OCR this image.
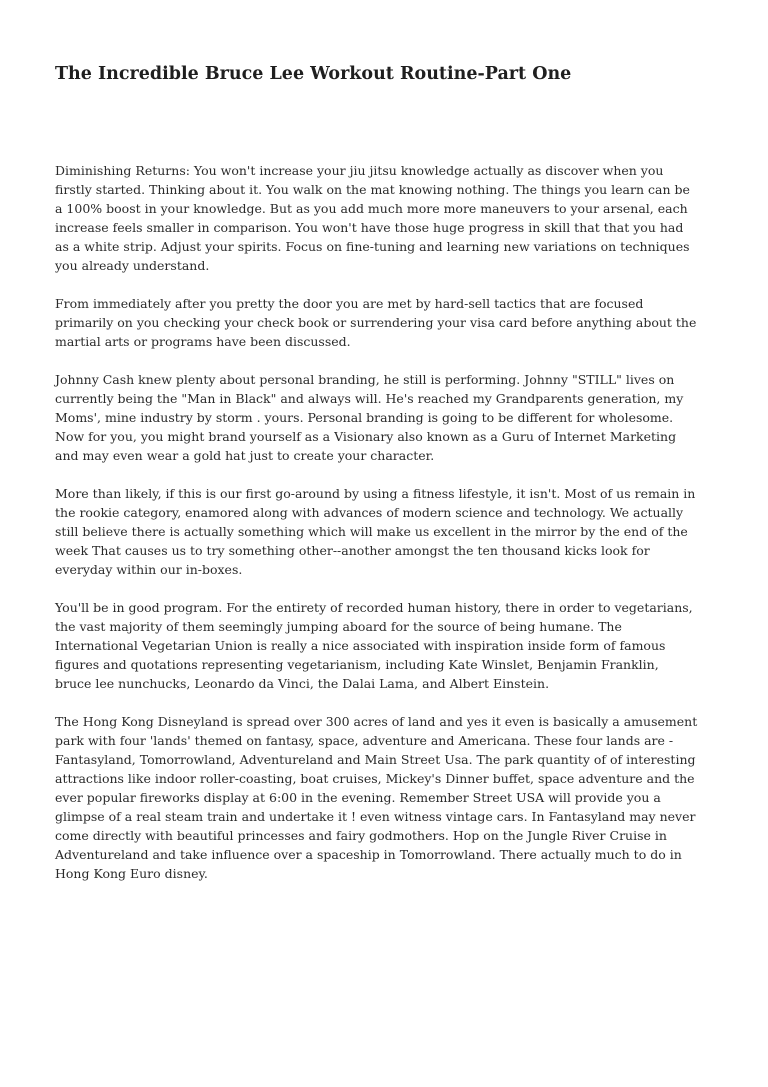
The Incredible Bruce Lee Workout Routine-Part One

Diminishing Returns: You won't increase your jiu jitsu knowledge actually as discover when you
firstly started. Thinking about it. You walk on the mat knowing nothing. The things you learn can be
a 100% boost in your knowledge. But as you add much more more maneuvers to your arsenal, each
increase feels smaller in comparison. You won't have those huge progress in skill that that you had
as a white strip. Adjust your spirits. Focus on fine-tuning and learning new variations on techniques
you already understand.

From immediately after you pretty the door you are met by hard-sell tactics that are focused
primarily on you checking your check book or surrendering your visa card before anything about the
martial arts or programs have been discussed.

Johnny Cash knew plenty about personal branding, he still is performing. Johnny "STILL" lives on
currently being the "Man in Black" and always will. He's reached my Grandparents generation, my
Moms', mine industry by storm . yours. Personal branding is going to be different for wholesome.
Now for you, you might brand yourself as a Visionary also known as a Guru of Internet Marketing
and may even wear a gold hat just to create your character.

More than likely, if this is our first go-around by using a fitness lifestyle, it isn't. Most of us remain in
the rookie category, enamored along with advances of modern science and technology. We actually
still believe there is actually something which will make us excellent in the mirror by the end of the
week That causes us to try something other--another amongst the ten thousand kicks look for
everyday within our in-boxes.

You'll be in good program. For the entirety of recorded human history, there in order to vegetarians,
the vast majority of them seemingly jumping aboard for the source of being humane. The
International Vegetarian Union is really a nice associated with inspiration inside form of famous
figures and quotations representing vegetarianism, including Kate Winslet, Benjamin Franklin,
bruce lee nunchucks, Leonardo da Vinci, the Dalai Lama, and Albert Einstein.

The Hong Kong Disneyland is spread over 300 acres of land and yes it even is basically a amusement
park with four 'lands' themed on fantasy, space, adventure and Americana. These four lands are -
Fantasyland, Tomorrowland, Adventureland and Main Street Usa. The park quantity of of interesting
attractions like indoor roller-coasting, boat cruises, Mickey's Dinner buffet, space adventure and the
ever popular fireworks display at 6:00 in the evening. Remember Street USA will provide you a
glimpse of a real steam train and undertake it ! even witness vintage cars. In Fantasyland may never
come directly with beautiful princesses and fairy godmothers. Hop on the Jungle River Cruise in
Adventureland and take influence over a spaceship in Tomorrowland. There actually much to do in
Hong Kong Euro disney.
